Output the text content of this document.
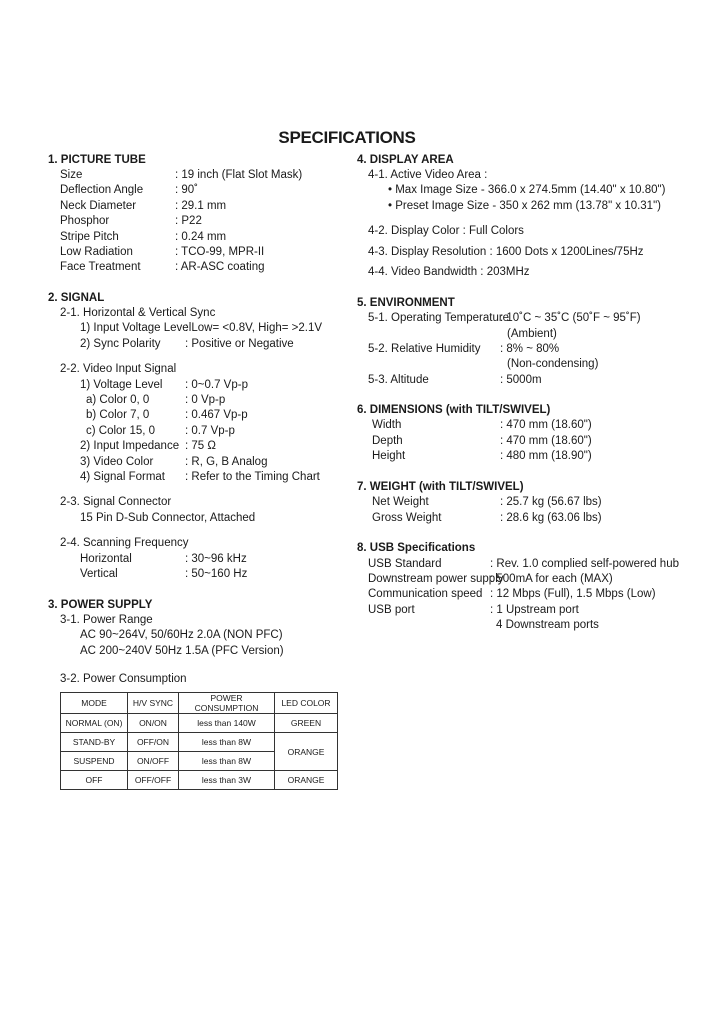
SPECIFICATIONS
1. PICTURE TUBE
Size	: 19 inch (Flat Slot Mask)
Deflection Angle	: 90˚
Neck Diameter	: 29.1 mm
Phosphor	: P22
Stripe Pitch	: 0.24 mm
Low Radiation	: TCO-99, MPR-II
Face Treatment	: AR-ASC coating
2. SIGNAL
2-1. Horizontal & Vertical Sync
1) Input Voltage Level
: Low= <0.8V, High= >2.1V
2) Sync Polarity : Positive or Negative
2-2. Video Input Signal
1) Voltage Level : 0~0.7 Vp-p
a) Color 0, 0	: 0 Vp-p
b) Color 7, 0	: 0.467 Vp-p
c) Color 15, 0	: 0.7 Vp-p
2) Input Impedance : 75 Ω
3) Video Color	: R, G, B Analog
4) Signal Format : Refer to the Timing Chart
2-3. Signal Connector
15 Pin D-Sub Connector, Attached
2-4. Scanning Frequency
Horizontal	: 30~96 kHz
Vertical	: 50~160 Hz
3. POWER SUPPLY
3-1. Power Range
AC 90~264V, 50/60Hz 2.0A (NON PFC)
AC 200~240V 50Hz 1.5A (PFC Version)
3-2. Power Consumption
MODE	H/V SYNC	POWER CONSUMPTION	LED COLOR
NORMAL (ON)	ON/ON	less than 140W	GREEN
STAND-BY	OFF/ON	less than 8W	ORANGE
SUSPEND	ON/OFF	less than 8W	
OFF	OFF/OFF	less than 3W	ORANGE
4. DISPLAY AREA
4-1. Active Video Area :
• Max Image Size - 366.0 x 274.5mm (14.40" x 10.80")
• Preset Image Size - 350 x 262 mm (13.78" x 10.31")
4-2. Display Color : Full Colors
4-3. Display Resolution : 1600 Dots x 1200Lines/75Hz
4-4. Video Bandwidth : 203MHz
5. ENVIRONMENT
5-1. Operating Temperature
: 10˚C ~ 35˚C (50˚F ~ 95˚F)
(Ambient)
5-2. Relative Humidity : 8% ~ 80%
(Non-condensing)
5-3. Altitude	: 5000m
6. DIMENSIONS (with TILT/SWIVEL)
Width	: 470 mm (18.60")
Depth	: 470 mm (18.60")
Height	: 480 mm (18.90")
7. WEIGHT (with TILT/SWIVEL)
Net Weight	: 25.7 kg (56.67 lbs)
Gross Weight	: 28.6 kg (63.06 lbs)
8. USB Specifications
USB Standard	: Rev. 1.0 complied self-powered hub
Downstream power supply
: 500mA for each (MAX)
Communication speed : 12 Mbps (Full), 1.5 Mbps (Low)
USB port	: 1 Upstream port
4 Downstream ports
